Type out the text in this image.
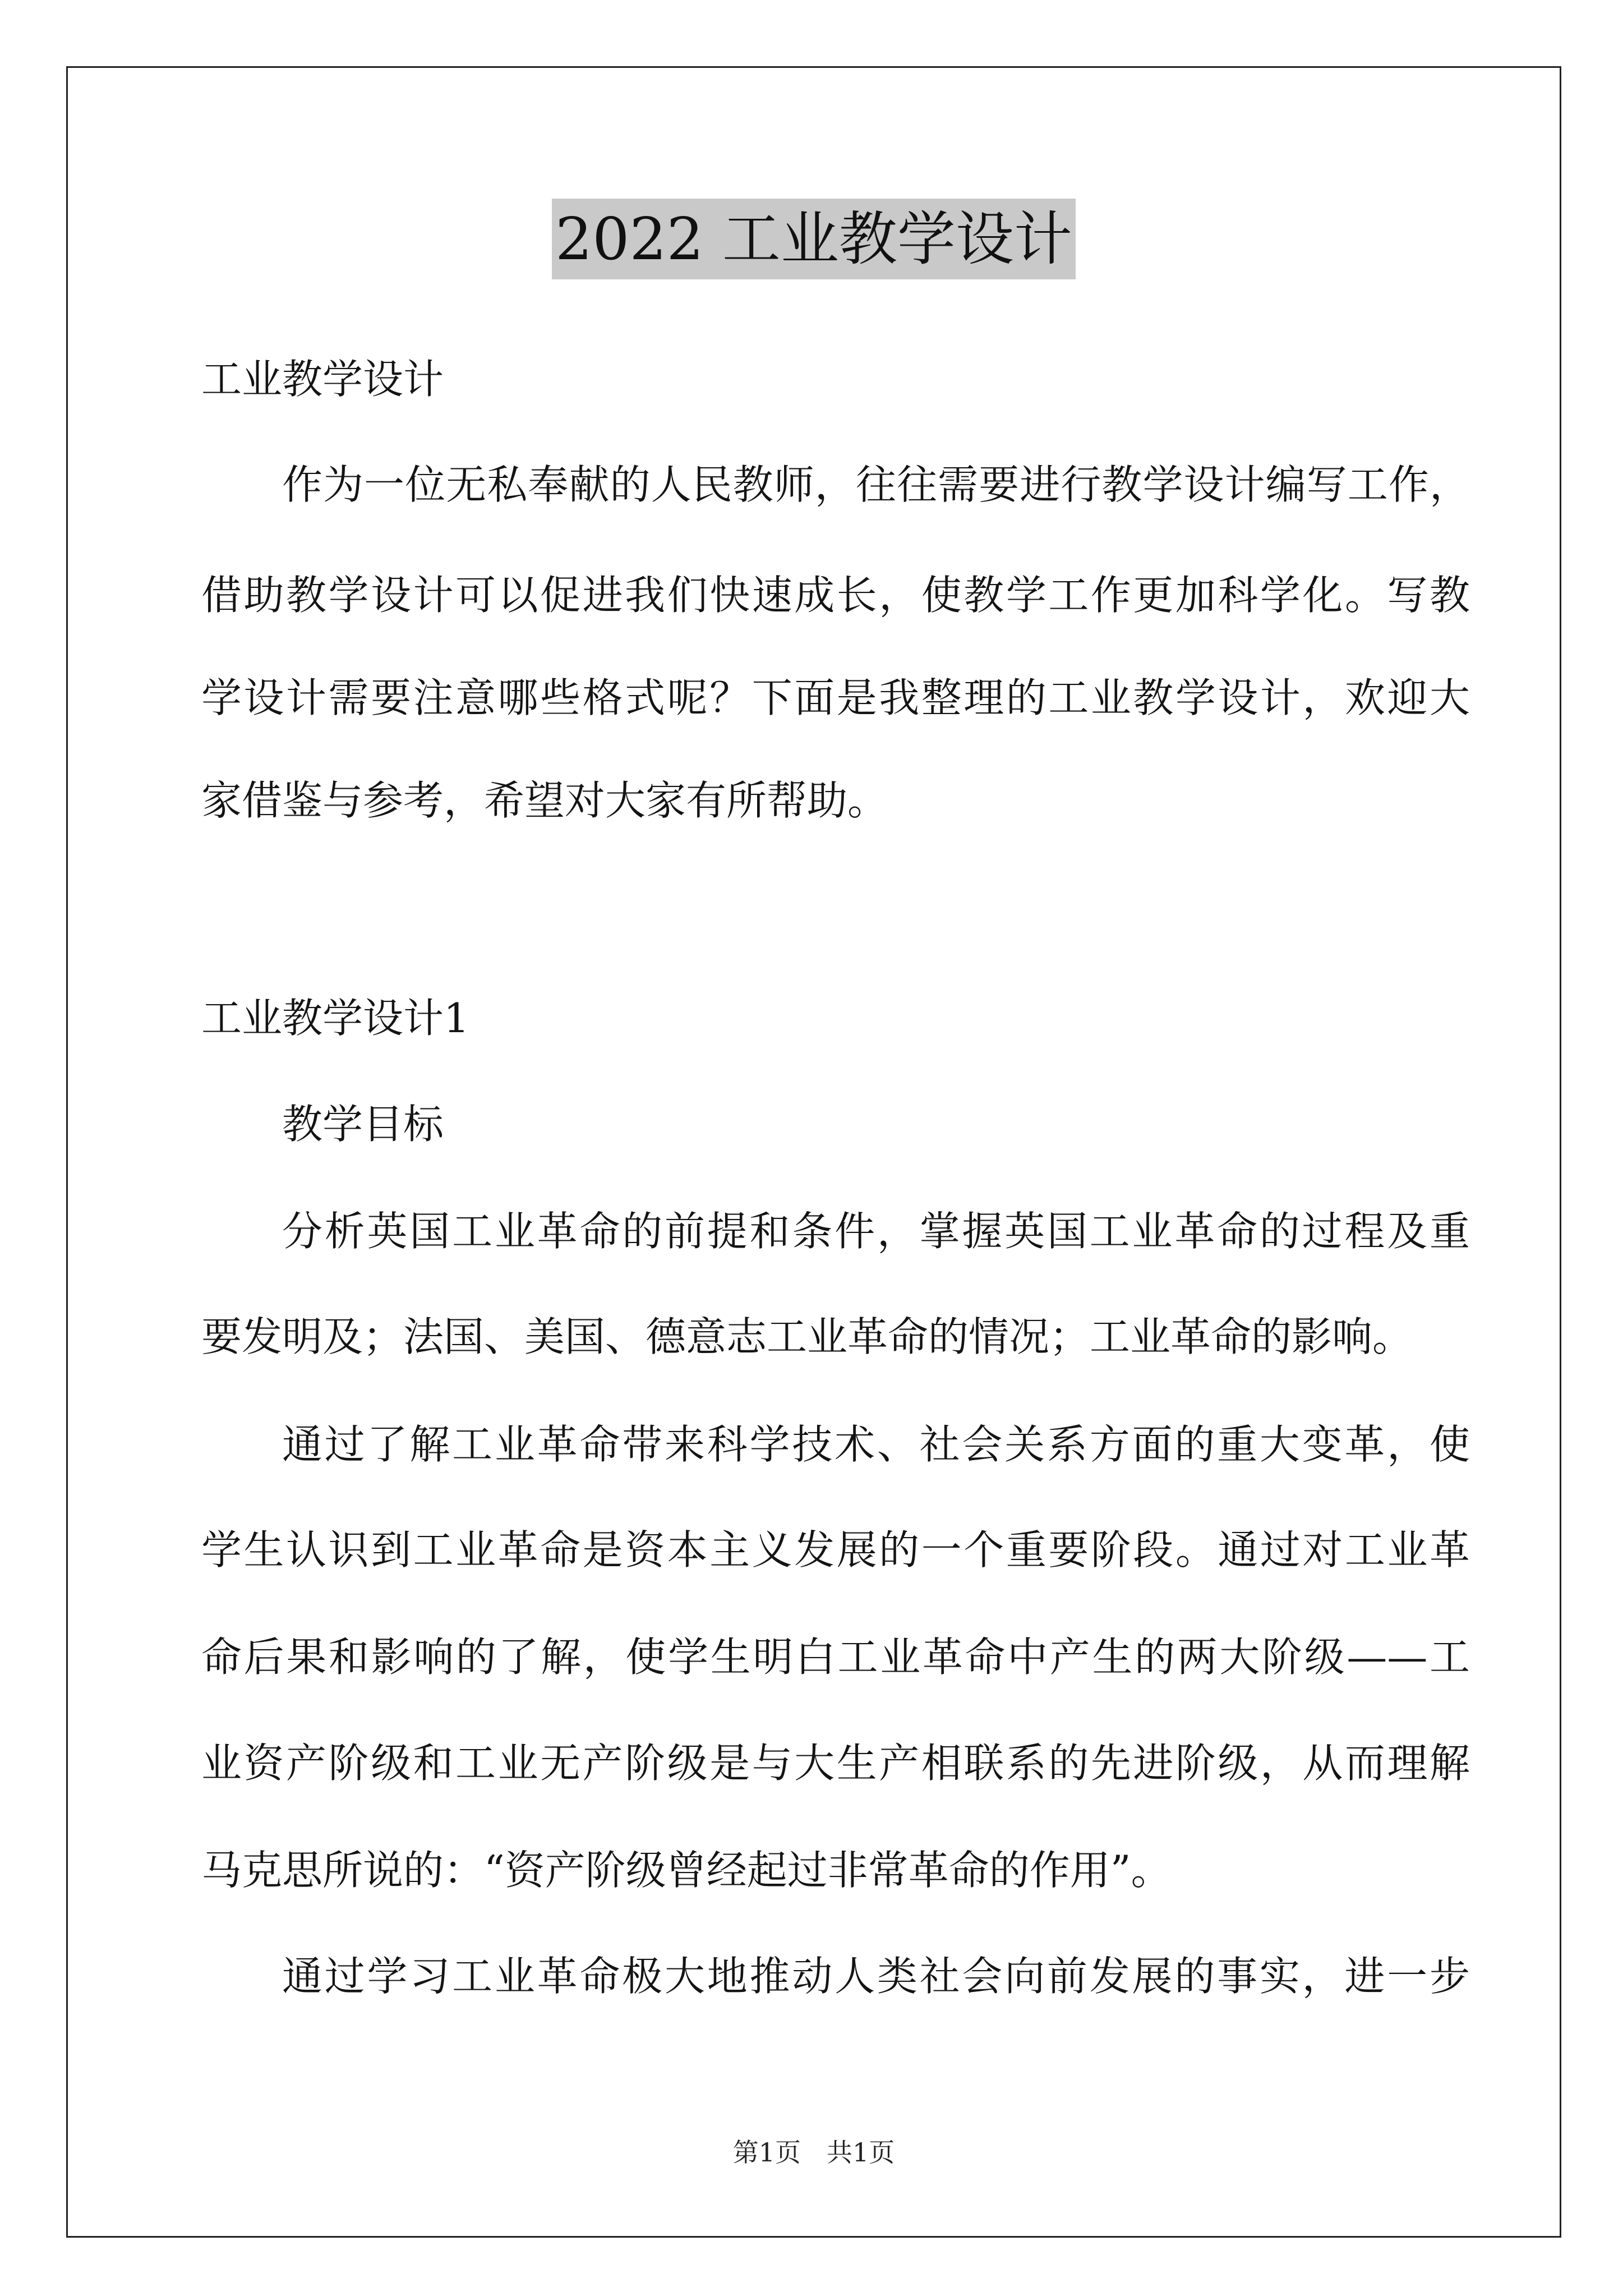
2022 工业教学设计
工业教学设计
作为一位无私奉献的人民教师，往往需要进行教学设计编写工作，
借助教学设计可以促进我们快速成长，使教学工作更加科学化。写教
学设计需要注意哪些格式呢？下面是我整理的工业教学设计，欢迎大
家借鉴与参考，希望对大家有所帮助。
工业教学设计1
教学目标
分析英国工业革命的前提和条件，掌握英国工业革命的过程及重
要发明及；法国、美国、德意志工业革命的情况；工业革命的影响。
通过了解工业革命带来科学技术、社会关系方面的重大变革，使
学生认识到工业革命是资本主义发展的一个重要阶段。通过对工业革
命后果和影响的了解，使学生明白工业革命中产生的两大阶级——工
业资产阶级和工业无产阶级是与大生产相联系的先进阶级，从而理解
马克思所说的：“资产阶级曾经起过非常革命的作用”。
通过学习工业革命极大地推动人类社会向前发展的事实，进一步
第1页　共1页
